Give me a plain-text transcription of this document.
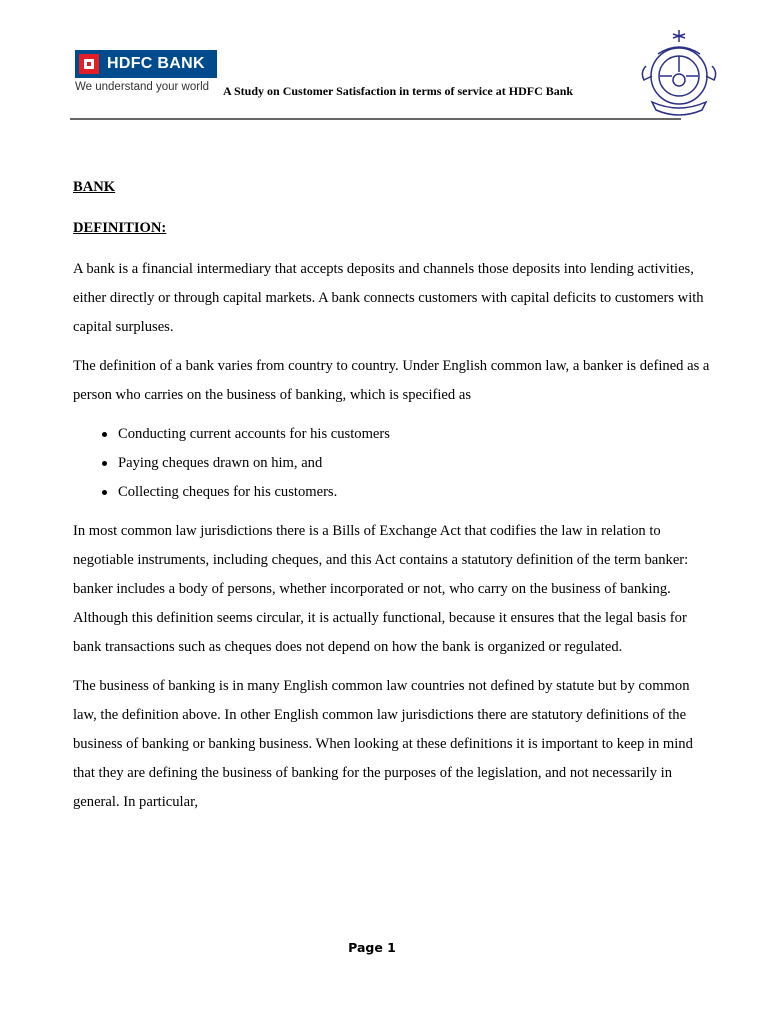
HDFC BANK
We understand your world A Study on Customer Satisfaction in terms of service at HDFC Bank
BANK
DEFINITION:

A bank is a financial intermediary that accepts deposits and channels those deposits into lending activities, either directly or through capital markets. A bank connects customers with capital deficits to customers with capital surpluses.

The definition of a bank varies from country to country. Under English common law, a banker is defined as a person who carries on the business of banking, which is specified as

Conducting current accounts for his customers
Paying cheques drawn on him, and
Collecting cheques for his customers.

In most common law jurisdictions there is a Bills of Exchange Act that codifies the law in relation to negotiable instruments, including cheques, and this Act contains a statutory definition of the term banker: banker includes a body of persons, whether incorporated or not, who carry on the business of banking. Although this definition seems circular, it is actually functional, because it ensures that the legal basis for bank transactions such as cheques does not depend on how the bank is organized or regulated.

The business of banking is in many English common law countries not defined by statute but by common law, the definition above. In other English common law jurisdictions there are statutory definitions of the business of banking or banking business. When looking at these definitions it is important to keep in mind that they are defining the business of banking for the purposes of the legislation, and not necessarily in general. In particular,

Page 1
